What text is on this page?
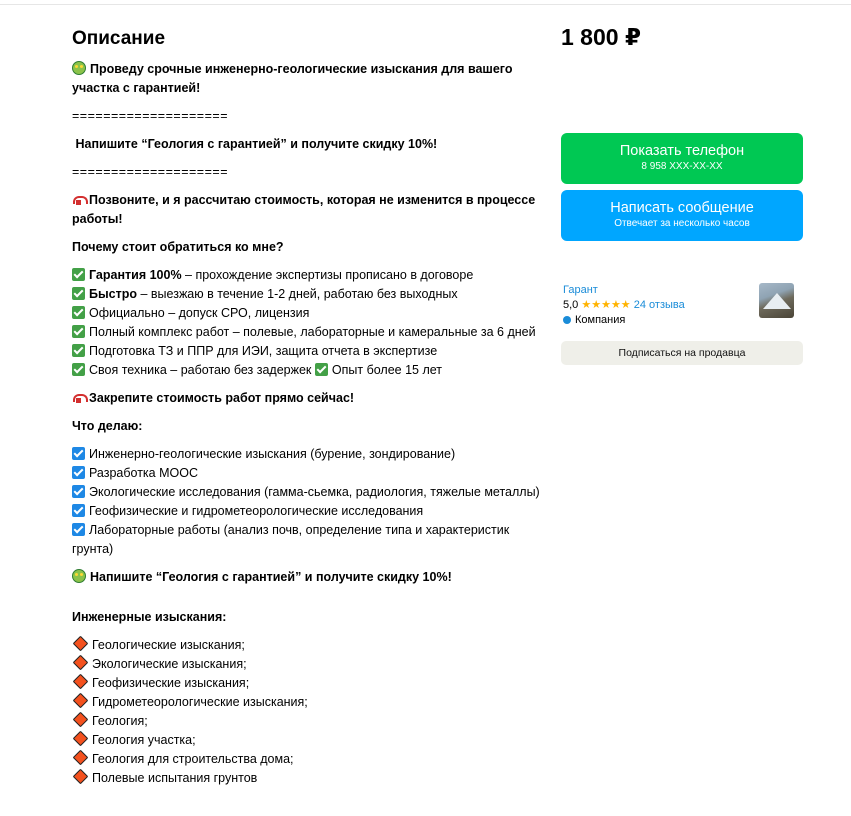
Описание
Проведу срочные инженерно-геологические изыскания для вашего участка с гарантией!
====================
Напишите “Геология с гарантией” и получите скидку 10%!
====================
Позвоните, и я рассчитаю стоимость, которая не изменится в процессе работы!
Почему стоит обратиться ко мне?
Гарантия 100% – прохождение экспертизы прописано в договоре
Быстро – выезжаю в течение 1-2 дней, работаю без выходных
Официально – допуск СРО, лицензия
Полный комплекс работ – полевые, лабораторные и камеральные за 6 дней
Подготовка ТЗ и ППР для ИЭИ, защита отчета в экспертизе
Своя техника – работаю без задержек Опыт более 15 лет
Закрепите стоимость работ прямо сейчас!
Что делаю:
Инженерно-геологические изыскания (бурение, зондирование)
Разработка МООС
Экологические исследования (гамма-сьемка, радиология, тяжелые металлы)
Геофизические и гидрометеорологические исследования
Лабораторные работы (анализ почв, определение типа и характеристик грунта)
Напишите “Геология с гарантией” и получите скидку 10%!
Инженерные изыскания:
Геологические изыскания;
Экологические изыскания;
Геофизические изыскания;
Гидрометеорологические изыскания;
Геология;
Геология участка;
Геология для строительства дома;
Полевые испытания грунтов
1 800 ₽
Показать телефон
8 958 XXX-XX-XX
Написать сообщение
Отвечает за несколько часов
Гарант
5,0 ★★★★★ 24 отзыва
Компания
Подписаться на продавца
